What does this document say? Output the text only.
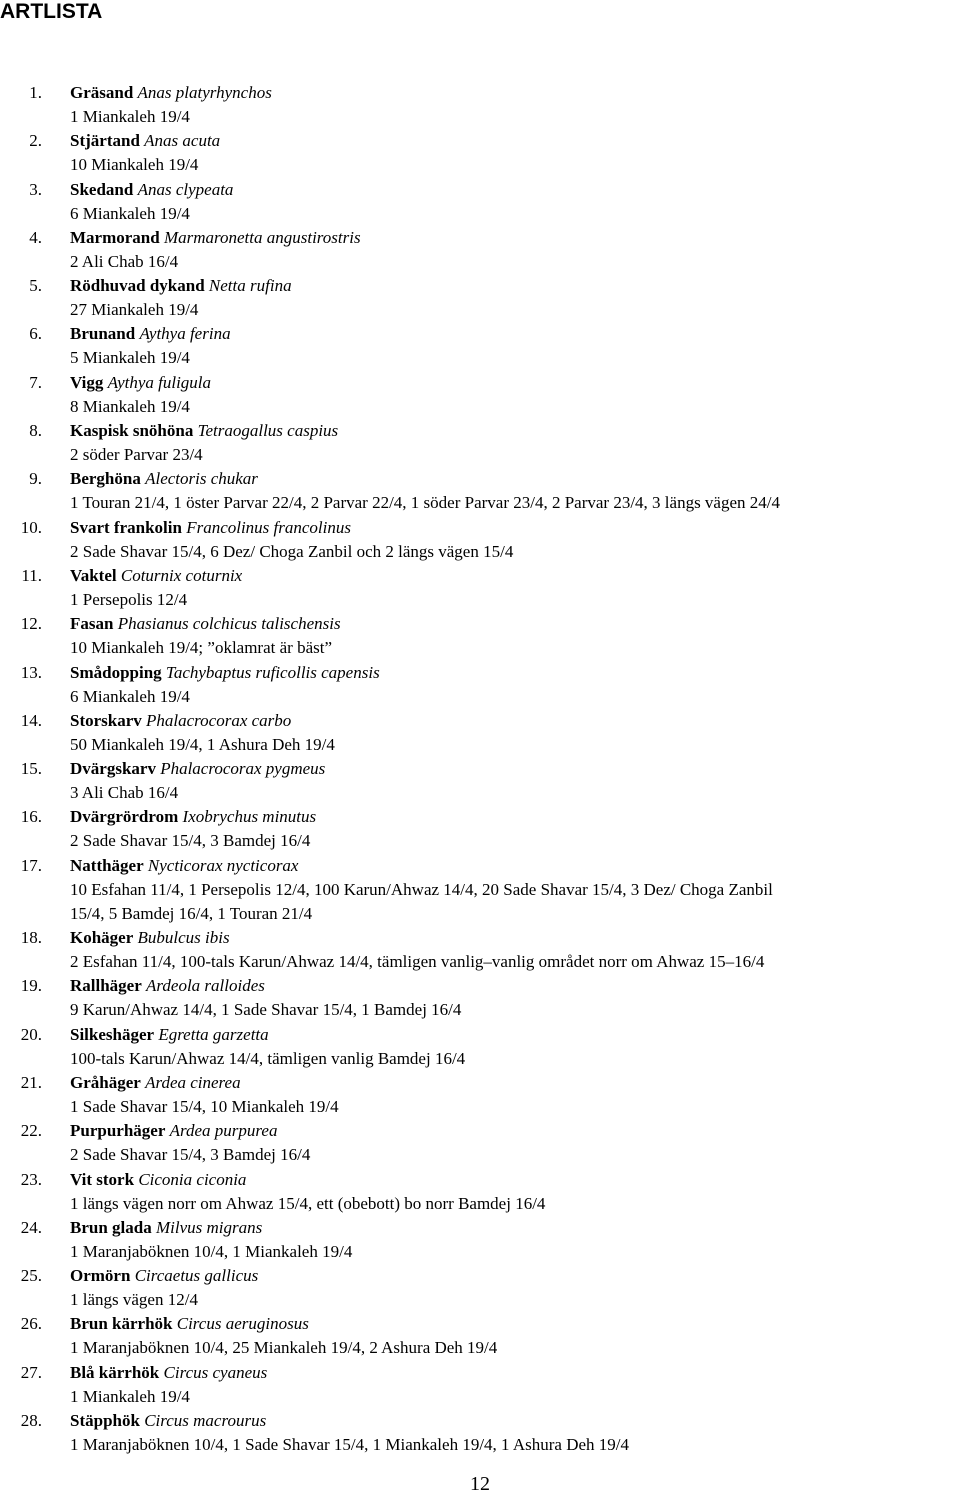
ARTLISTA
1. Gräsand Anas platyrhynchos
1 Miankaleh 19/4
2. Stjärtand Anas acuta
10 Miankaleh 19/4
3. Skedand Anas clypeata
6 Miankaleh 19/4
4. Marmorand Marmaronetta angustirostris
2 Ali Chab 16/4
5. Rödhuvad dykand Netta rufina
27 Miankaleh 19/4
6. Brunand Aythya ferina
5 Miankaleh 19/4
7. Vigg Aythya fuligula
8 Miankaleh 19/4
8. Kaspisk snöhöna Tetraogallus caspius
2 söder Parvar 23/4
9. Berghöna Alectoris chukar
1 Touran 21/4, 1 öster Parvar 22/4, 2 Parvar 22/4, 1 söder Parvar 23/4, 2 Parvar 23/4, 3 längs vägen 24/4
10. Svart frankolin Francolinus francolinus
2 Sade Shavar 15/4, 6 Dez/ Choga Zanbil och 2 längs vägen 15/4
11. Vaktel Coturnix coturnix
1 Persepolis 12/4
12. Fasan Phasianus colchicus talischensis
10 Miankaleh 19/4; ”oklamrat är bäst”
13. Smådopping Tachybaptus ruficollis capensis
6 Miankaleh 19/4
14. Storskarv Phalacrocorax carbo
50 Miankaleh 19/4, 1 Ashura Deh 19/4
15. Dvärgskarv Phalacrocorax pygmeus
3 Ali Chab 16/4
16. Dvärgrördrom Ixobrychus minutus
2 Sade Shavar 15/4, 3 Bamdej 16/4
17. Natthäger Nycticorax nycticorax
10 Esfahan 11/4, 1 Persepolis 12/4, 100 Karun/Ahwaz 14/4, 20 Sade Shavar 15/4, 3 Dez/ Choga Zanbil
15/4, 5 Bamdej 16/4, 1 Touran 21/4
18. Kohäger Bubulcus ibis
2 Esfahan 11/4, 100-tals Karun/Ahwaz 14/4, tämligen vanlig–vanlig området norr om Ahwaz 15–16/4
19. Rallhäger Ardeola ralloides
9 Karun/Ahwaz 14/4, 1 Sade Shavar 15/4, 1 Bamdej 16/4
20. Silkeshäger Egretta garzetta
100-tals Karun/Ahwaz 14/4, tämligen vanlig Bamdej 16/4
21. Gråhäger Ardea cinerea
1 Sade Shavar 15/4, 10 Miankaleh 19/4
22. Purpurhäger Ardea purpurea
2 Sade Shavar 15/4, 3 Bamdej 16/4
23. Vit stork Ciconia ciconia
1 längs vägen norr om Ahwaz 15/4, ett (obebott) bo norr Bamdej 16/4
24. Brun glada Milvus migrans
1 Maranjaböknen 10/4, 1 Miankaleh 19/4
25. Ormörn Circaetus gallicus
1 längs vägen 12/4
26. Brun kärrhök Circus aeruginosus
1 Maranjaböknen 10/4, 25 Miankaleh 19/4, 2 Ashura Deh 19/4
27. Blå kärrhök Circus cyaneus
1 Miankaleh 19/4
28. Stäpphök Circus macrourus
1 Maranjaböknen 10/4, 1 Sade Shavar 15/4, 1 Miankaleh 19/4, 1 Ashura Deh 19/4
12
